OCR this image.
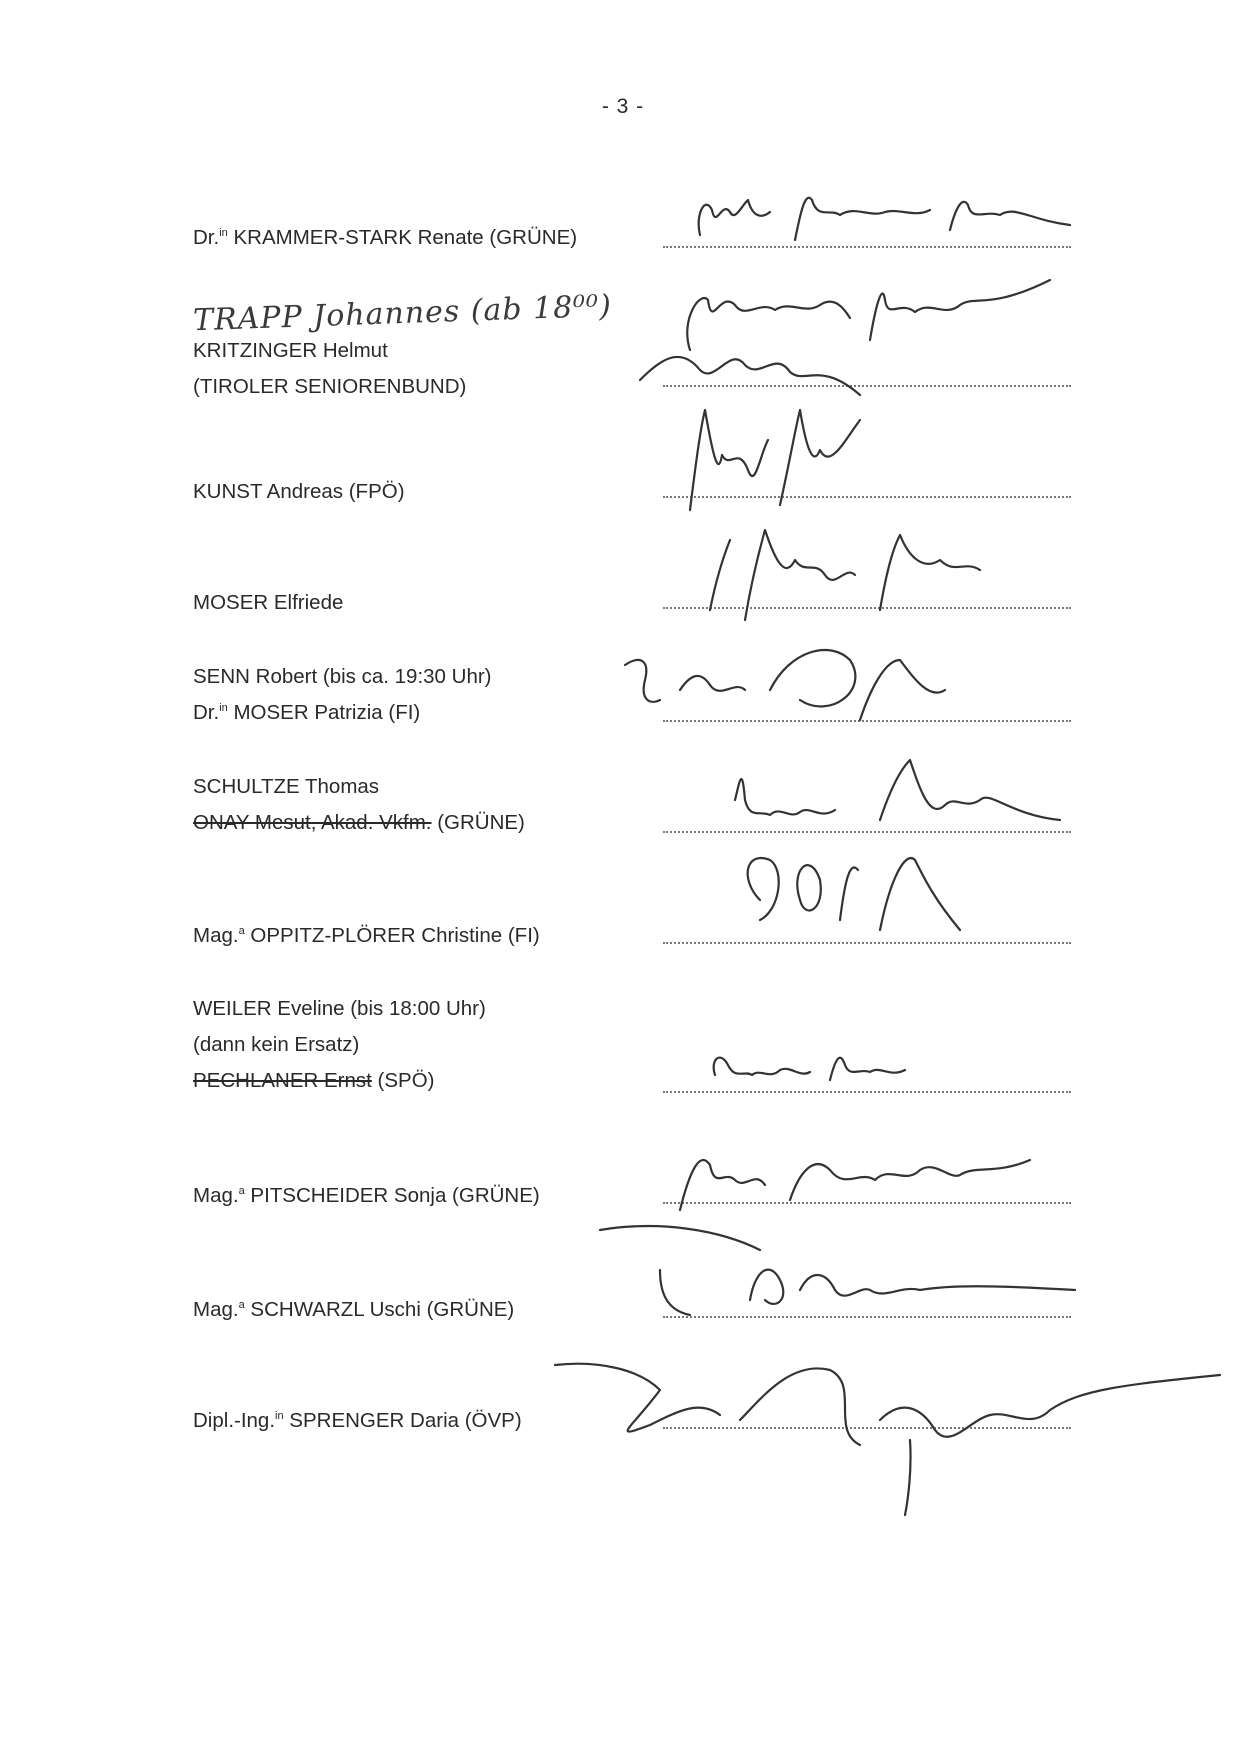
- 3 -
Dr.$^{in}$ KRAMMER-STARK Renate (GRÜNE)
TRAPP Johannes (ab 18⁰⁰)
KRITZINGER Helmut
(TIROLER SENIORENBUND)
KUNST Andreas (FPÖ)
MOSER Elfriede
SENN Robert (bis ca. 19:30 Uhr)
Dr.$^{in}$ MOSER Patrizia (FI)
SCHULTZE Thomas
ONAY Mesut, Akad. Vkfm. (GRÜNE)
Mag.$^a$ OPPITZ-PLÖRER Christine (FI)
WEILER Eveline (bis 18:00 Uhr)
(dann kein Ersatz)
PECHLANER Ernst (SPÖ)
Mag.$^a$ PITSCHEIDER Sonja (GRÜNE)
Mag.$^a$ SCHWARZL Uschi (GRÜNE)
Dipl.-Ing.$^{in}$ SPRENGER Daria (ÖVP)
